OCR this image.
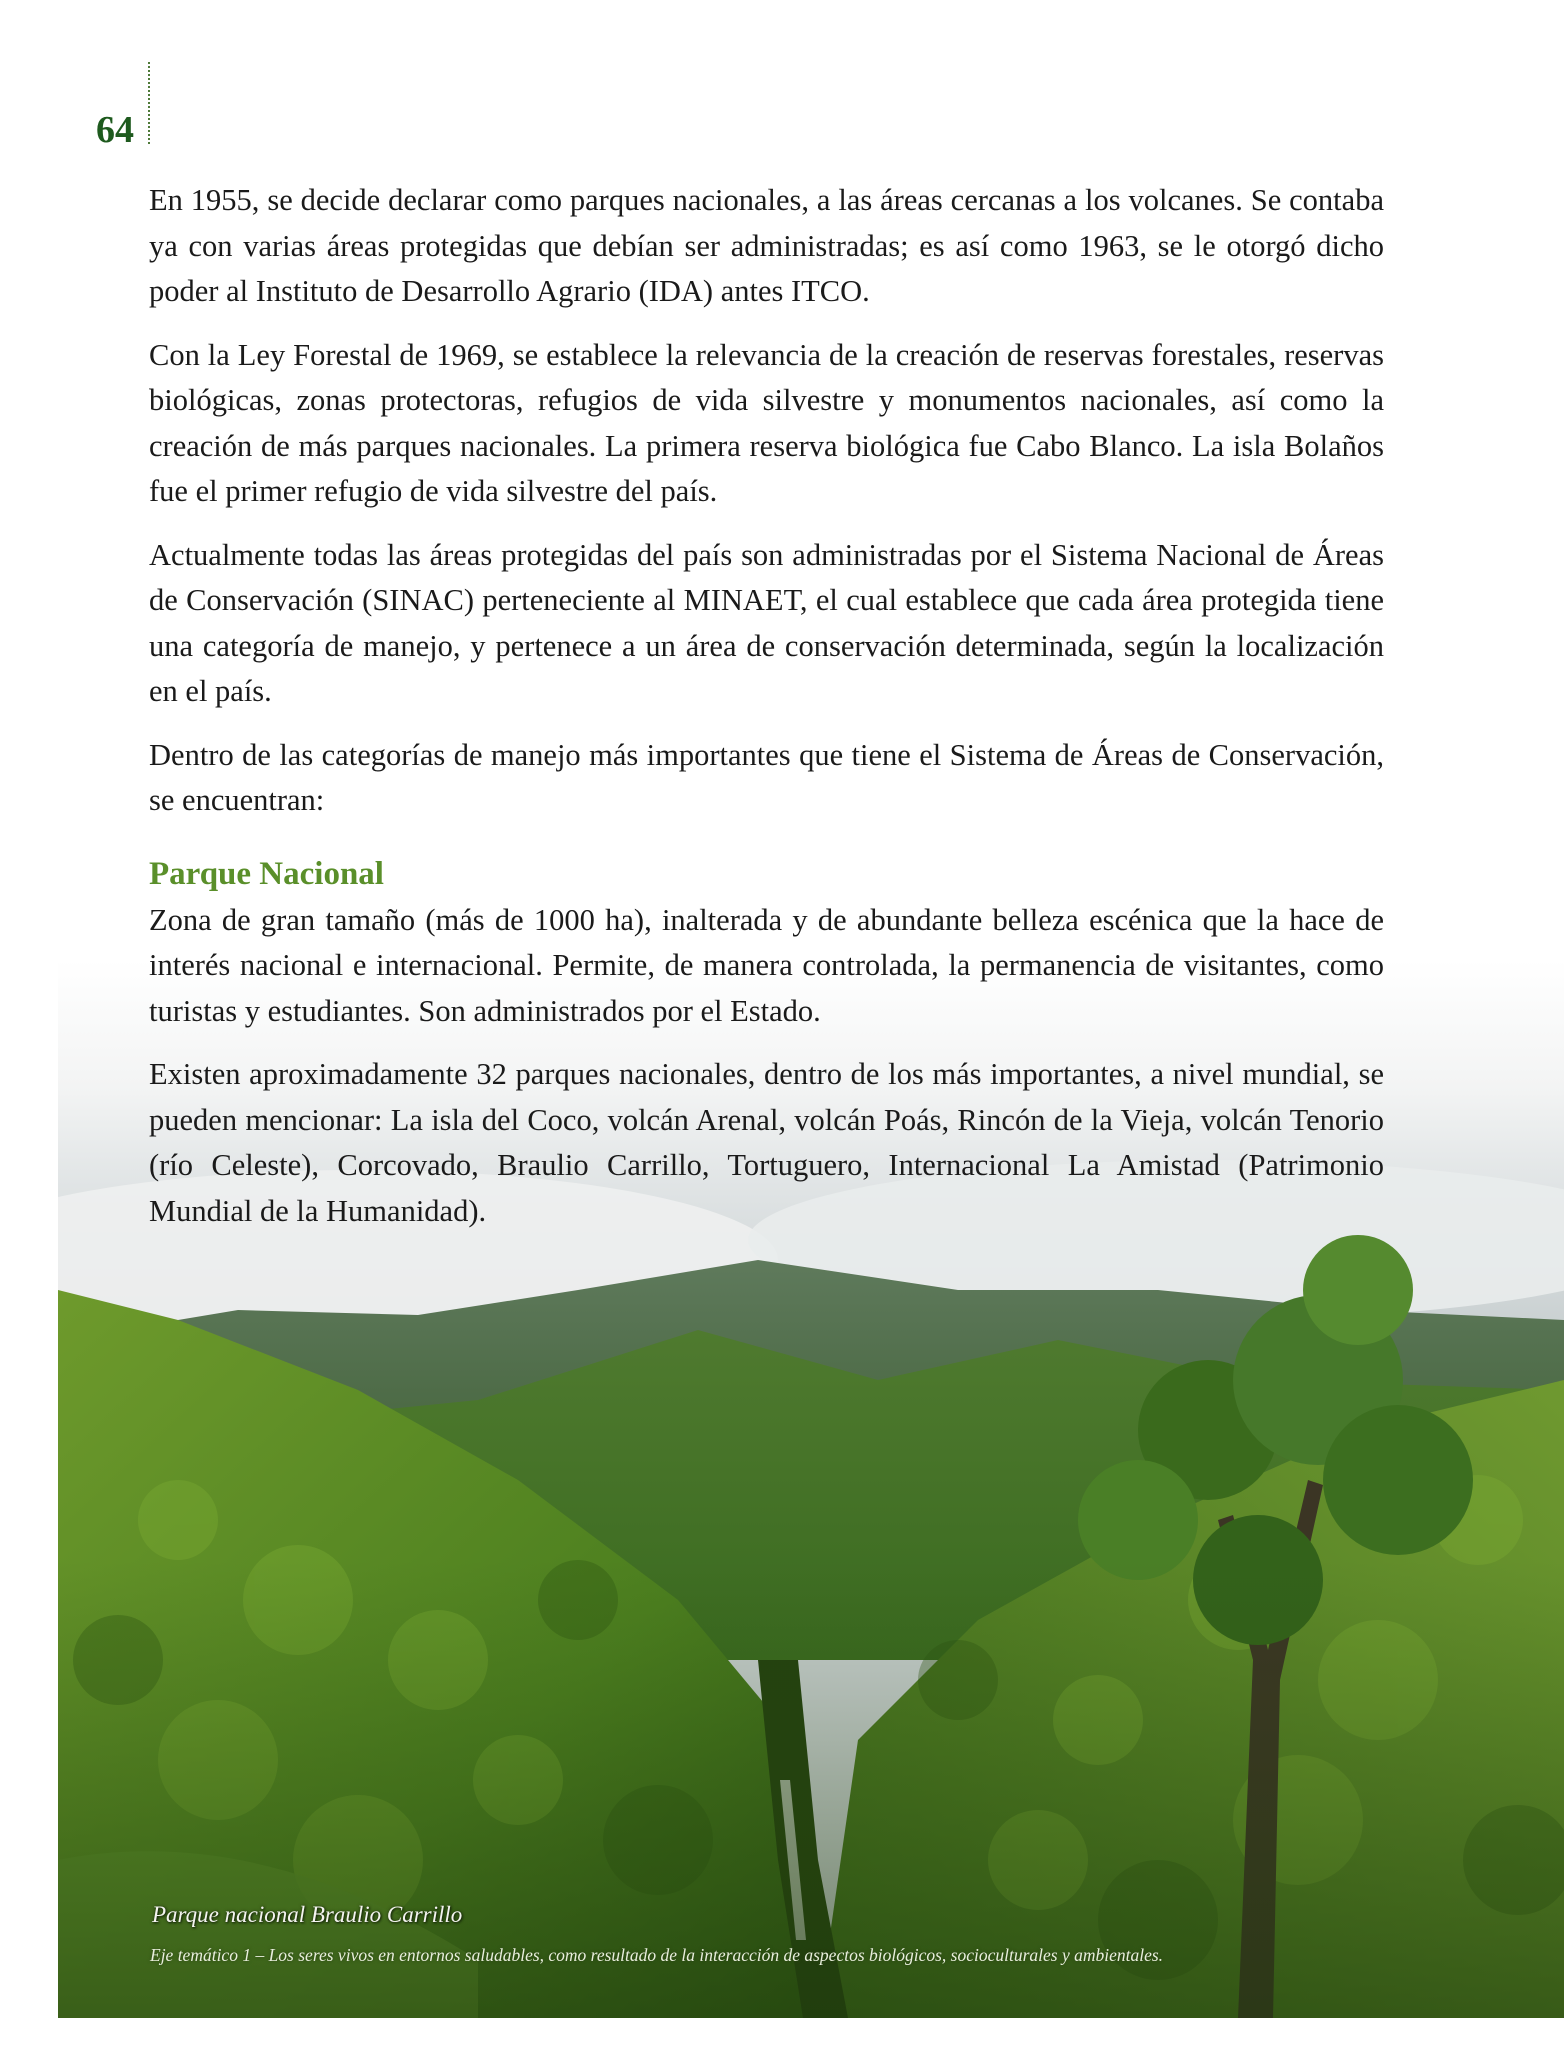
64

En 1955, se decide declarar como parques nacionales, a las áreas cercanas a los volcanes. Se contaba ya con varias áreas protegidas que debían ser administradas; es así como 1963, se le otorgó dicho poder al Instituto de Desarrollo Agrario (IDA) antes ITCO.

Con la Ley Forestal de 1969, se establece la relevancia de la creación de reservas forestales, reservas biológicas, zonas protectoras, refugios de vida silvestre y monumentos nacionales, así como la creación de más parques nacionales. La primera reserva biológica fue Cabo Blanco. La isla Bolaños fue el primer refugio de vida silvestre del país.

Actualmente todas las áreas protegidas del país son administradas por el Sistema Nacional de Áreas de Conservación (SINAC) perteneciente al MINAET, el cual establece que cada área protegida tiene una categoría de manejo, y pertenece a un área de conservación determinada, según la localización en el país.

Dentro de las categorías de manejo más importantes que tiene el Sistema de Áreas de Conservación, se encuentran:

Parque Nacional

Zona de gran tamaño (más de 1000 ha), inalterada y de abundante belleza escénica que la hace de interés nacional e internacional. Permite, de manera controlada, la permanencia de visitantes, como turistas y estudiantes. Son administrados por el Estado.

Existen aproximadamente 32 parques nacionales, dentro de los más importantes, a nivel mundial, se pueden mencionar: La isla del Coco, volcán Arenal, volcán Poás, Rincón de la Vieja, volcán Tenorio (río Celeste), Corcovado, Braulio Carrillo, Tortuguero, Internacional La Amistad (Patrimonio Mundial de la Humanidad).

Parque nacional Braulio Carrillo
Eje temático 1 – Los seres vivos en entornos saludables, como resultado de la interacción de aspectos biológicos, socioculturales y ambientales.
